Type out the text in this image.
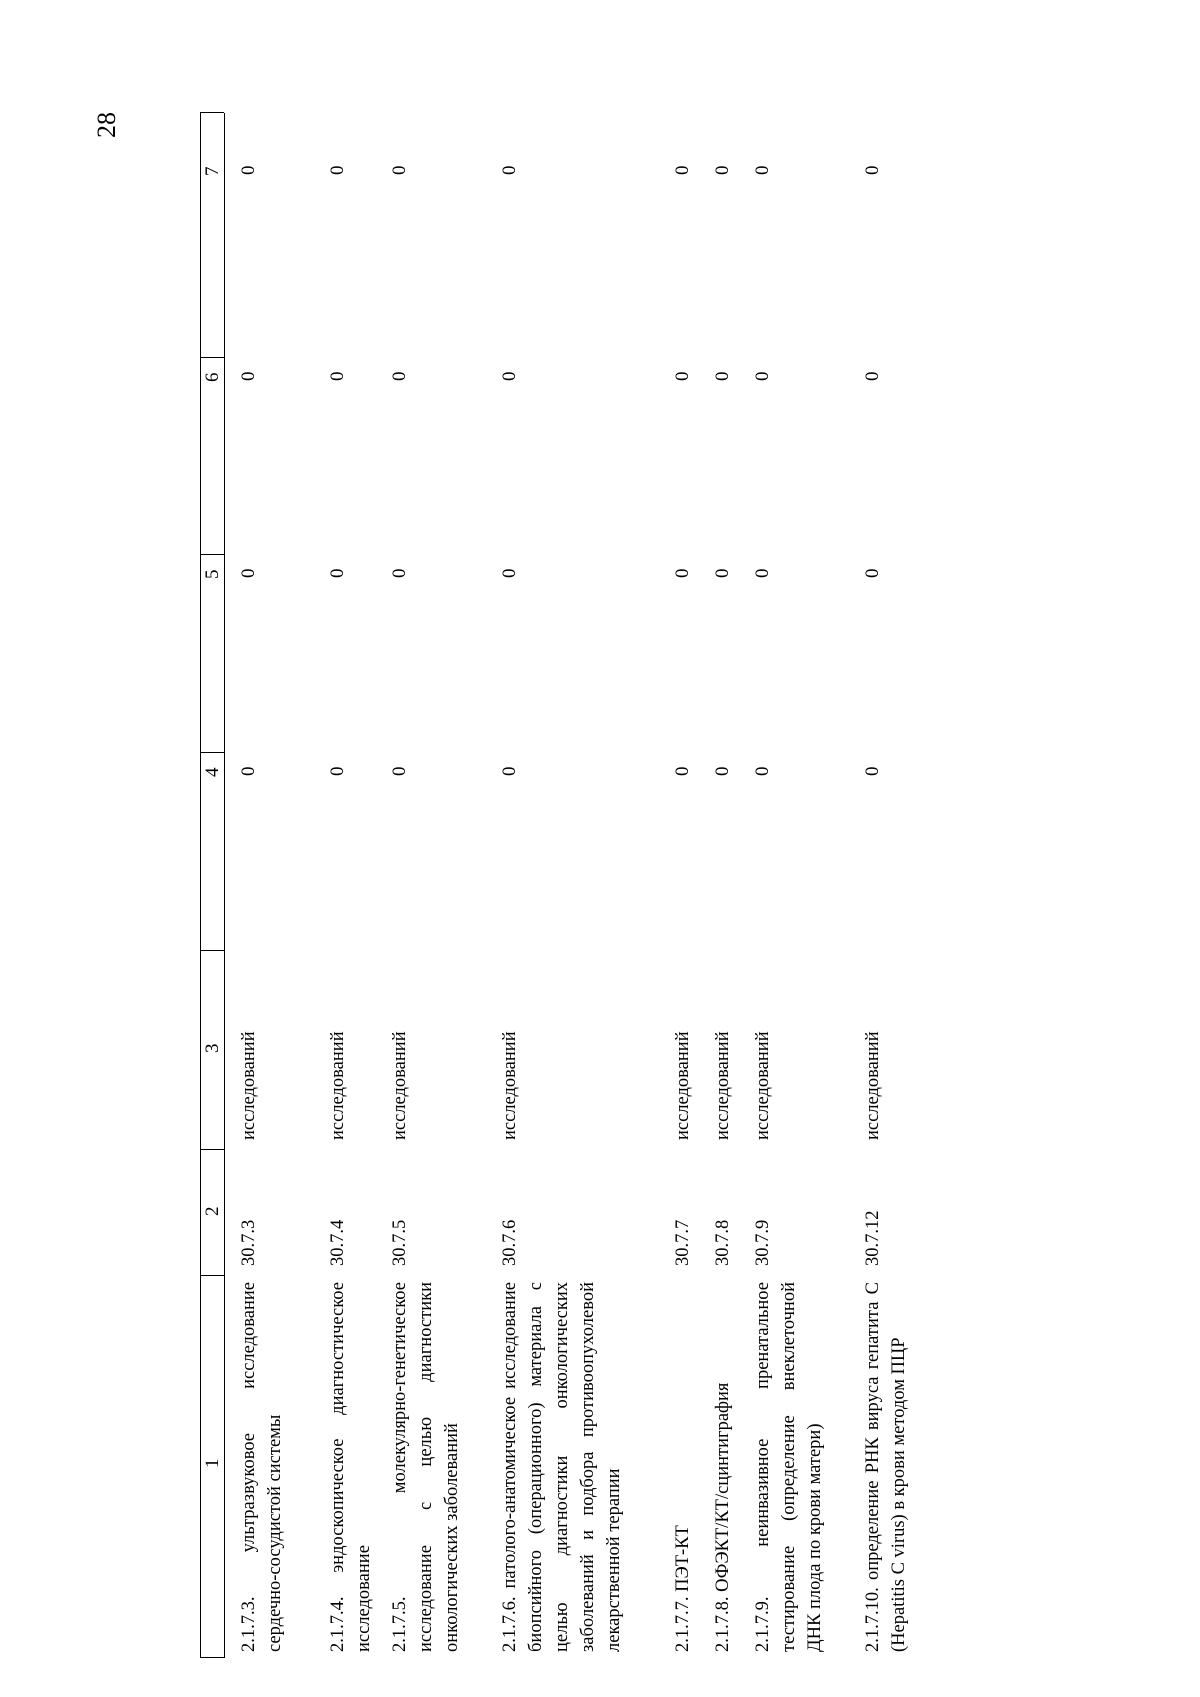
28
1
2
3
4
5
6
7
2.1.7.3. ультразвуковое исследование сердечно-сосудистой системы
30.7.3
исследований
0
0
0
0
2.1.7.4. эндоскопическое диагностическое исследование
30.7.4
исследований
0
0
0
0
2.1.7.5. молекулярно-генетическое исследование с целью диагностики онкологических заболеваний
30.7.5
исследований
0
0
0
0
2.1.7.6. патолого-анатомическое исследование биопсийного (операционного) материала с целью диагностики онкологических заболеваний и подбора противоопухолевой лекарственной терапии
30.7.6
исследований
0
0
0
0
2.1.7.7. ПЭТ-КТ
30.7.7
исследований
0
0
0
0
2.1.7.8. ОФЭКТ/КТ/сцинтиграфия
30.7.8
исследований
0
0
0
0
2.1.7.9. неинвазивное пренатальное тестирование (определение внеклеточной ДНК плода по крови матери)
30.7.9
исследований
0
0
0
0
2.1.7.10. определение РНК вируса гепатита C (Hepatitis C virus) в крови методом ПЦР
30.7.12
исследований
0
0
0
0
